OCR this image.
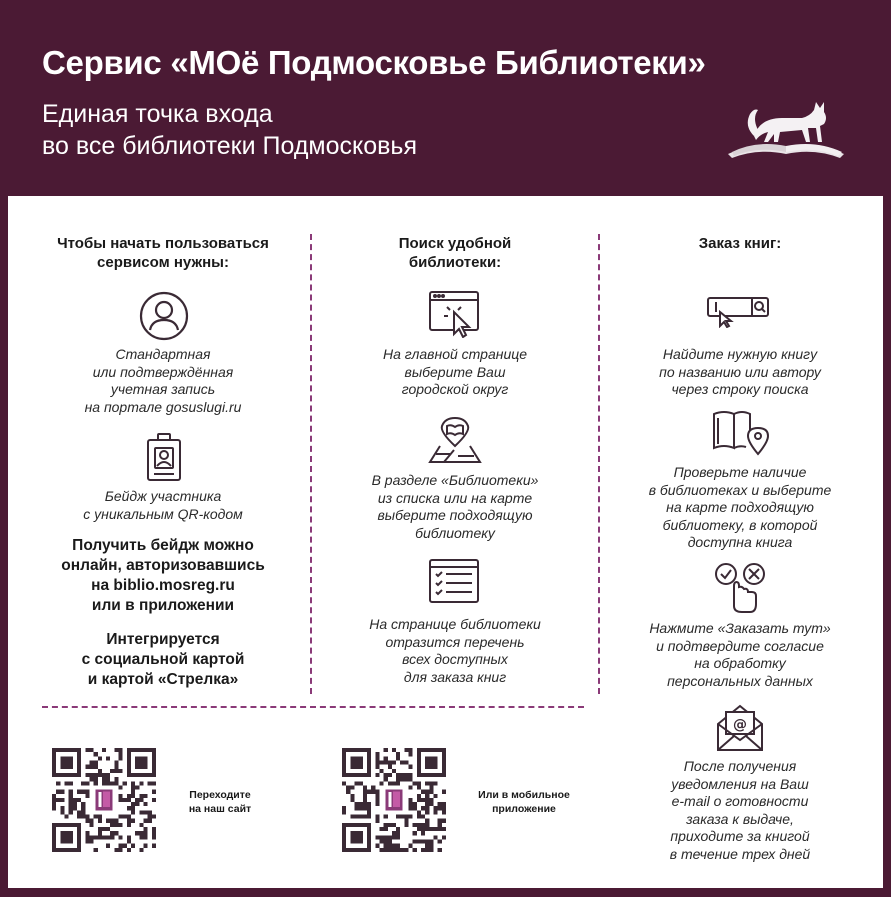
Сервис «МОё Подмосковье Библиотеки»
Единая точка входа
во все библиотеки Подмосковья
Чтобы начать пользоваться
сервисом нужны:
Стандартная
или подтверждённая
учетная запись
на портале gosuslugi.ru
Бейдж участника
с уникальным QR-кодом
Получить бейдж можно
онлайн, авторизовавшись
на biblio.mosreg.ru
или в приложении
Интегрируется
с социальной картой
и картой «Стрелка»
Поиск удобной
библиотеки:
На главной странице
выберите Ваш
городской округ
В разделе «Библиотеки»
из списка или на карте
выберите подходящую
библиотеку
На странице библиотеки
отразится перечень
всех доступных
для заказа книг
Заказ книг:
Найдите нужную книгу
по названию или автору
через строку поиска
Проверьте наличие
в библиотеках и выберите
на карте подходящую
библиотеку, в которой
доступна книга
Нажмите «Заказать тут»
и подтвердите согласие
на обработку
персональных данных
@
После получения
уведомления на Ваш
e-mail о готовности
заказа к выдаче,
приходите за книгой
в течение трех дней
Переходите
на наш сайт
Или в мобильное
приложение
